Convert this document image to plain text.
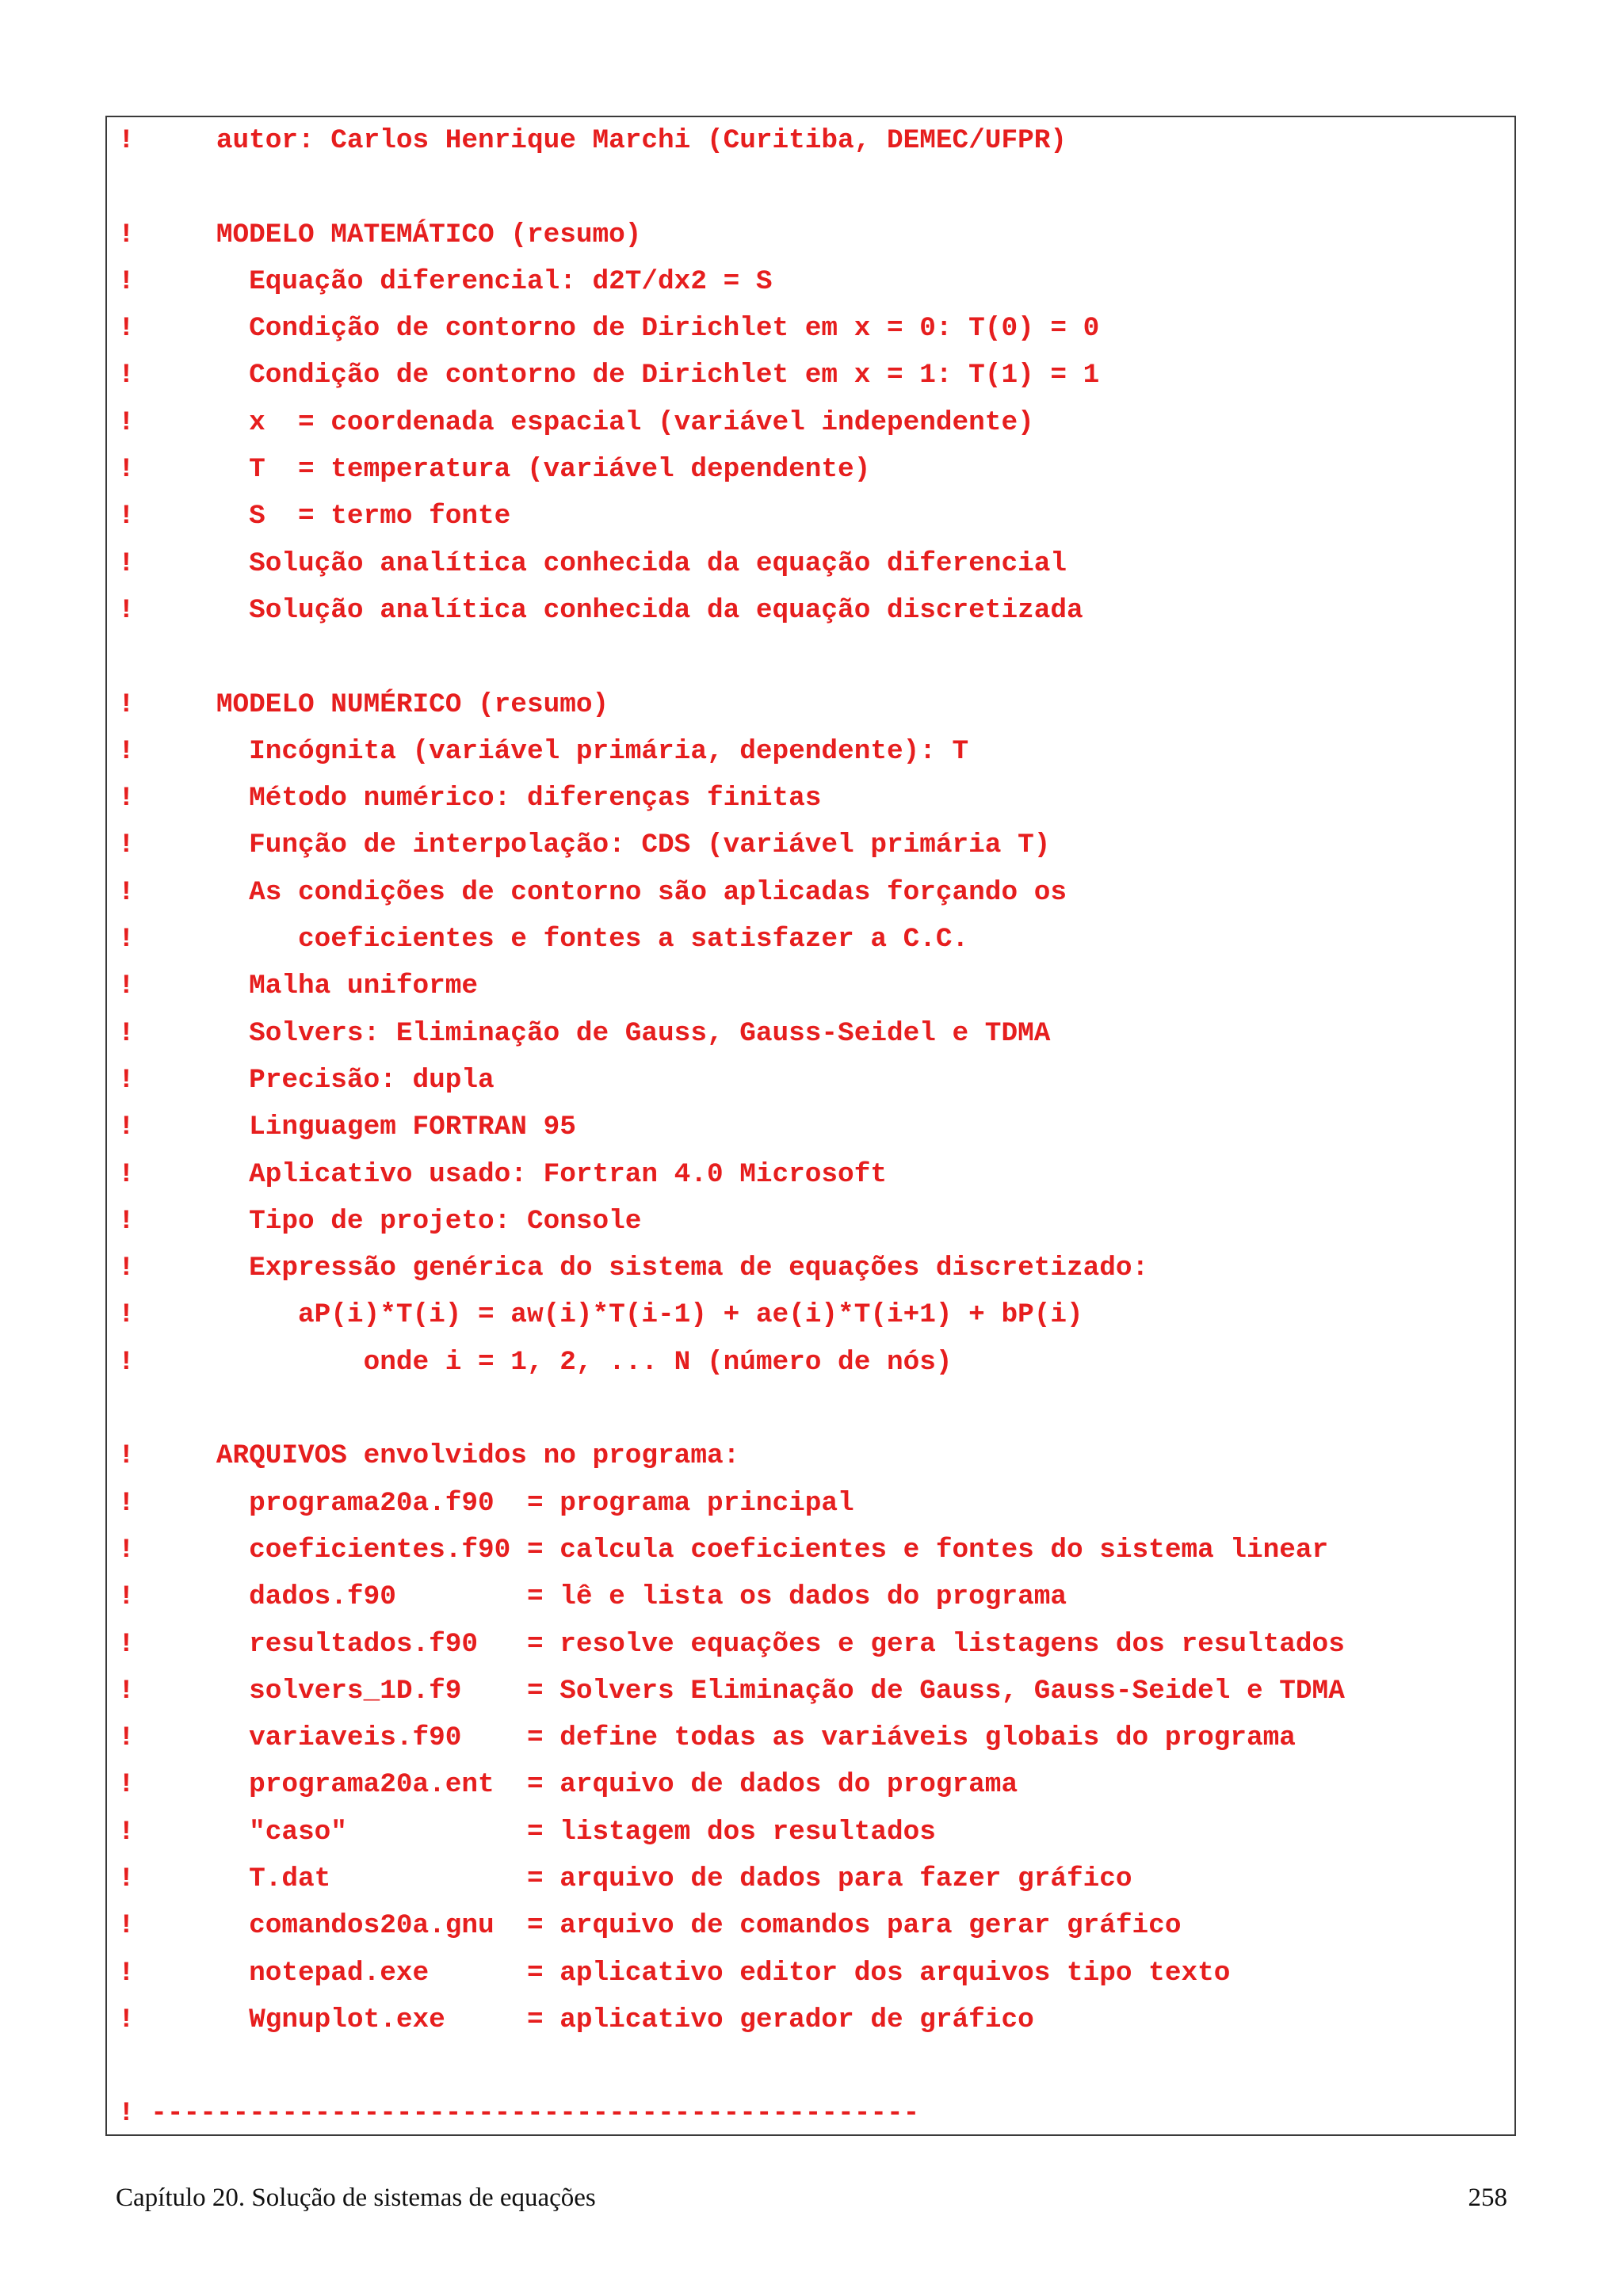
!     autor: Carlos Henrique Marchi (Curitiba, DEMEC/UFPR)
!     MODELO MATEMÁTICO (resumo)
!       Equação diferencial: d2T/dx2 = S
!       Condição de contorno de Dirichlet em x = 0: T(0) = 0
!       Condição de contorno de Dirichlet em x = 1: T(1) = 1
!       x  = coordenada espacial (variável independente)
!       T  = temperatura (variável dependente)
!       S  = termo fonte
!       Solução analítica conhecida da equação diferencial
!       Solução analítica conhecida da equação discretizada
!     MODELO NUMÉRICO (resumo)
!       Incógnita (variável primária, dependente): T
!       Método numérico: diferenças finitas
!       Função de interpolação: CDS (variável primária T)
!       As condições de contorno são aplicadas forçando os
!          coeficientes e fontes a satisfazer a C.C.
!       Malha uniforme
!       Solvers: Eliminação de Gauss, Gauss-Seidel e TDMA
!       Precisão: dupla
!       Linguagem FORTRAN 95
!       Aplicativo usado: Fortran 4.0 Microsoft
!       Tipo de projeto: Console
!       Expressão genérica do sistema de equações discretizado:
!          aP(i)*T(i) = aw(i)*T(i-1) + ae(i)*T(i+1) + bP(i)
!              onde i = 1, 2, ... N (número de nós)
!     ARQUIVOS envolvidos no programa:
!       programa20a.f90  = programa principal
!       coeficientes.f90 = calcula coeficientes e fontes do sistema linear
!       dados.f90        = lê e lista os dados do programa
!       resultados.f90   = resolve equações e gera listagens dos resultados
!       solvers_1D.f9    = Solvers Eliminação de Gauss, Gauss-Seidel e TDMA
!       variaveis.f90    = define todas as variáveis globais do programa
!       programa20a.ent  = arquivo de dados do programa
!       "caso"           = listagem dos resultados
!       T.dat            = arquivo de dados para fazer gráfico
!       comandos20a.gnu  = arquivo de comandos para gerar gráfico
!       notepad.exe      = aplicativo editor dos arquivos tipo texto
!       Wgnuplot.exe     = aplicativo gerador de gráfico
! -----------------------------------------------
Capítulo 20. Solução de sistemas de equações	258
